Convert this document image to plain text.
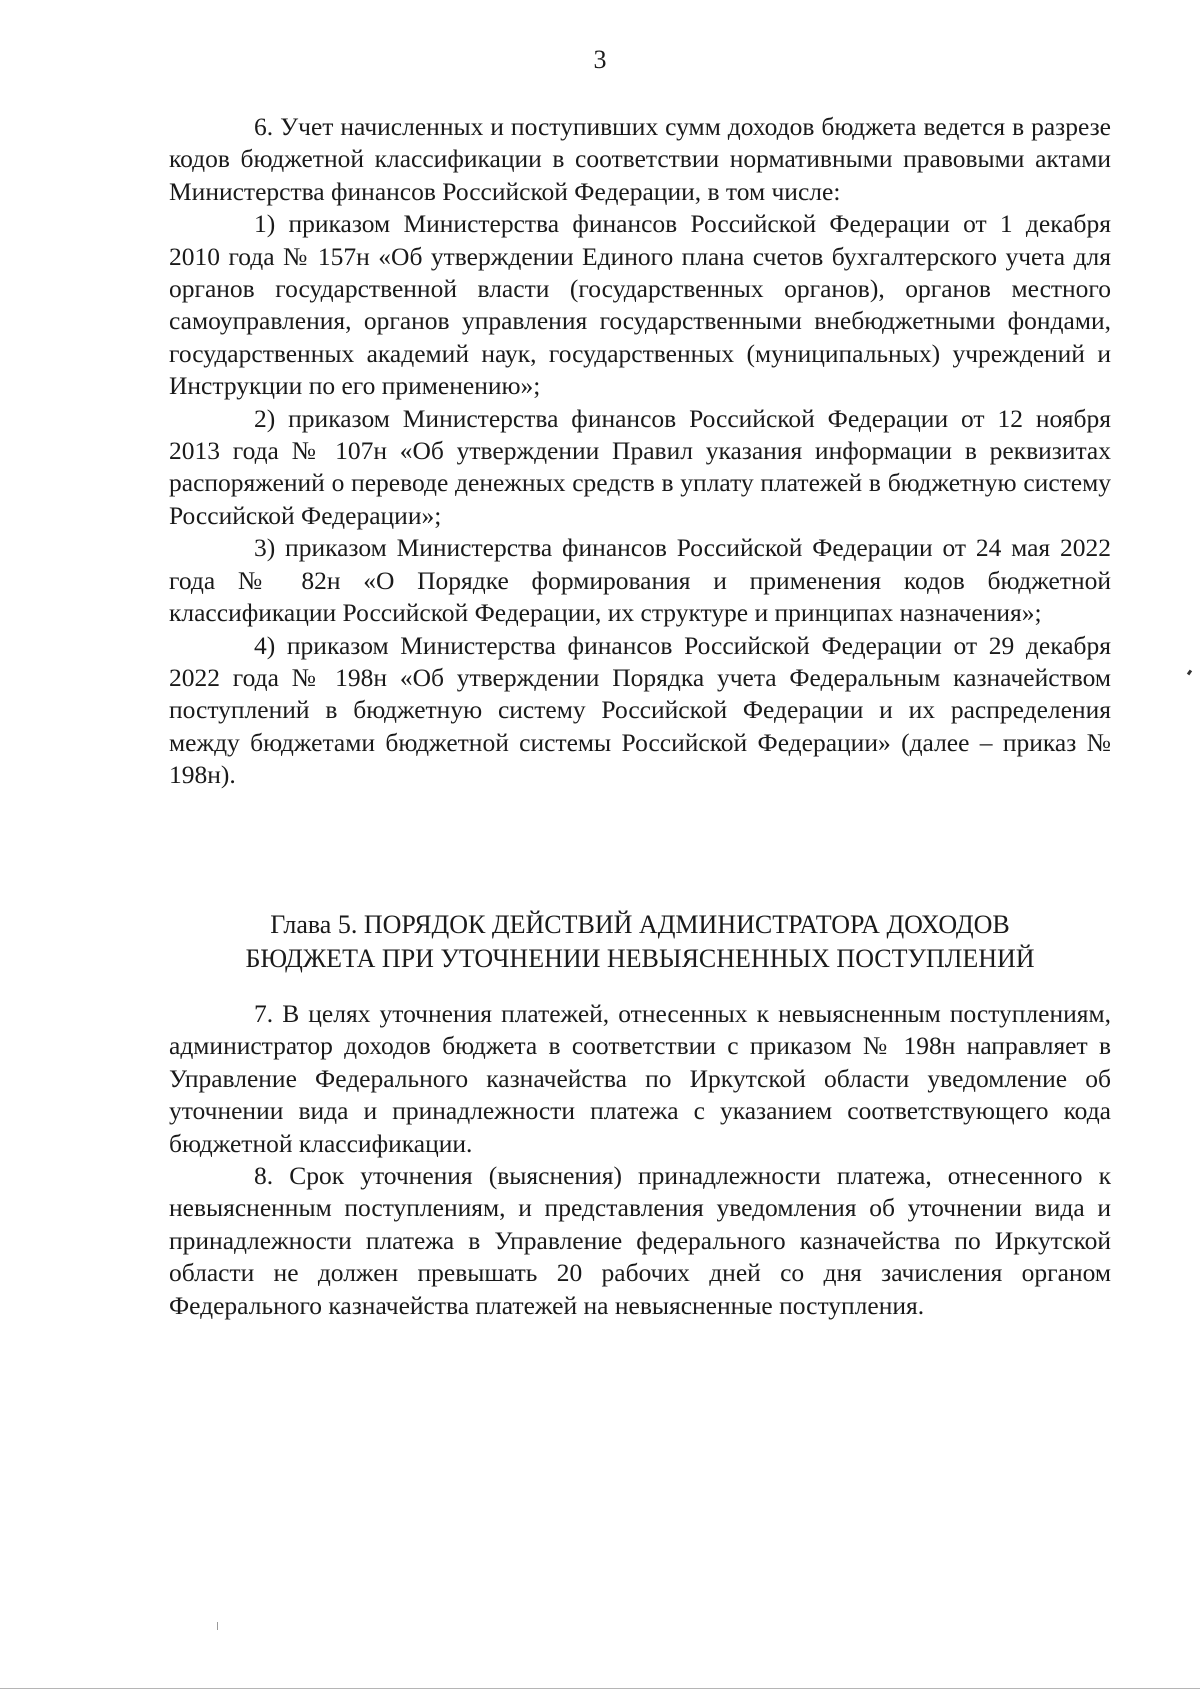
3

6. Учет начисленных и поступивших сумм доходов бюджета ведется в разрезе кодов бюджетной классификации в соответствии нормативными правовыми актами Министерства финансов Российской Федерации, в том числе:

1) приказом Министерства финансов Российской Федерации от 1 декабря 2010 года № 157н «Об утверждении Единого плана счетов бухгалтерского учета для органов государственной власти (государственных органов), органов местного самоуправления, органов управления государственными внебюджетными фондами, государственных академий наук, государственных (муниципальных) учреждений и Инструкции по его применению»;

2) приказом Министерства финансов Российской Федерации от 12 ноября 2013 года № 107н «Об утверждении Правил указания информации в реквизитах распоряжений о переводе денежных средств в уплату платежей в бюджетную систему Российской Федерации»;

3) приказом Министерства финансов Российской Федерации от 24 мая 2022 года № 82н «О Порядке формирования и применения кодов бюджетной классификации Российской Федерации, их структуре и принципах назначения»;

4) приказом Министерства финансов Российской Федерации от 29 декабря 2022 года № 198н «Об утверждении Порядка учета Федеральным казначейством поступлений в бюджетную систему Российской Федерации и их распределения между бюджетами бюджетной системы Российской Федерации» (далее – приказ № 198н).

Глава 5. ПОРЯДОК ДЕЙСТВИЙ АДМИНИСТРАТОРА ДОХОДОВ
БЮДЖЕТА ПРИ УТОЧНЕНИИ НЕВЫЯСНЕННЫХ ПОСТУПЛЕНИЙ

7. В целях уточнения платежей, отнесенных к невыясненным поступлениям, администратор доходов бюджета в соответствии с приказом № 198н направляет в Управление Федерального казначейства по Иркутской области уведомление об уточнении вида и принадлежности платежа с указанием соответствующего кода бюджетной классификации.

8. Срок уточнения (выяснения) принадлежности платежа, отнесенного к невыясненным поступлениям, и представления уведомления об уточнении вида и принадлежности платежа в Управление федерального казначейства по Иркутской области не должен превышать 20 рабочих дней со дня зачисления органом Федерального казначейства платежей на невыясненные поступления.
